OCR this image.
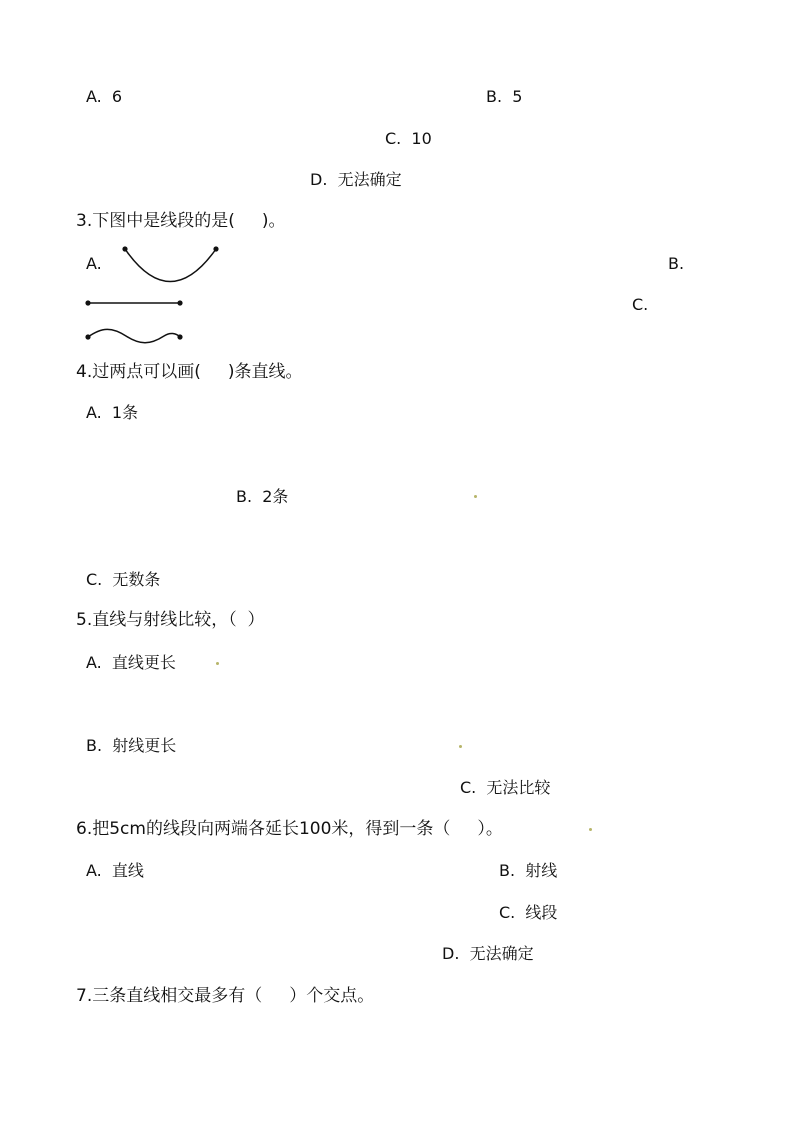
A.  6	B.  5
C.  10
D.  无法确定
3.下图中是线段的是(     )。
A.	B.
C.
4.过两点可以画(     )条直线。
A.  1条
B.  2条
C.  无数条
5.直线与射线比较，（  ）
A.  直线更长
B.  射线更长
C.  无法比较
6.把5cm的线段向两端各延长100米，得到一条（     ）。
A.  直线	B.  射线
C.  线段
D.  无法确定
7.三条直线相交最多有（     ）个交点。
